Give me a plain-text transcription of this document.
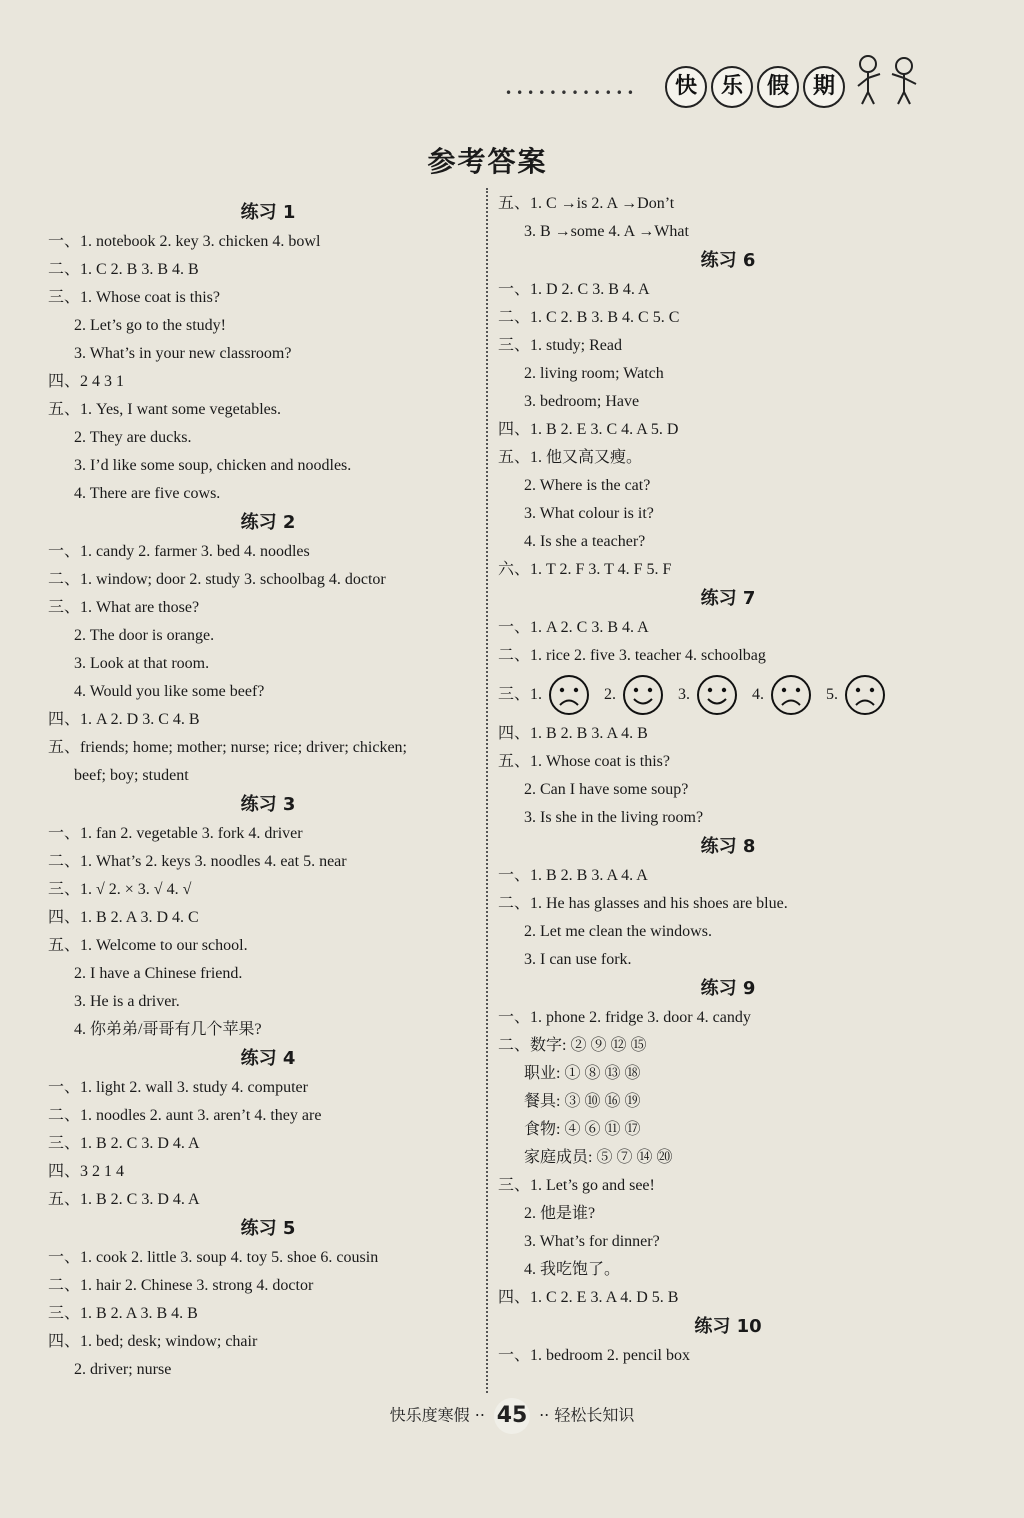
••••••••••••	快	乐	假	期
参考答案
练习 1
一、1. notebook 2. key 3. chicken 4. bowl
二、1. C 2. B 3. B 4. B
三、1. Whose coat is this?
2. Let’s go to the study!
3. What’s in your new classroom?
四、2 4 3 1
五、1. Yes, I want some vegetables.
2. They are ducks.
3. I’d like some soup, chicken and noodles.
4. There are five cows.
练习 2
一、1. candy 2. farmer 3. bed 4. noodles
二、1. window; door 2. study 3. schoolbag 4. doctor
三、1. What are those?
2. The door is orange.
3. Look at that room.
4. Would you like some beef?
四、1. A 2. D 3. C 4. B
五、friends; home; mother; nurse; rice; driver; chicken;
beef; boy; student
练习 3
一、1. fan 2. vegetable 3. fork 4. driver
二、1. What’s 2. keys 3. noodles 4. eat 5. near
三、1. √ 2. × 3. √ 4. √
四、1. B 2. A 3. D 4. C
五、1. Welcome to our school.
2. I have a Chinese friend.
3. He is a driver.
4. 你弟弟/哥哥有几个苹果?
练习 4
一、1. light 2. wall 3. study 4. computer
二、1. noodles 2. aunt 3. aren’t 4. they are
三、1. B 2. C 3. D 4. A
四、3 2 1 4
五、1. B 2. C 3. D 4. A
练习 5
一、1. cook 2. little 3. soup 4. toy 5. shoe 6. cousin
二、1. hair 2. Chinese 3. strong 4. doctor
三、1. B 2. A 3. B 4. B
四、1. bed; desk; window; chair
2. driver; nurse
五、1. C →is 2. A →Don’t
3. B →some 4. A →What
练习 6
一、1. D 2. C 3. B 4. A
二、1. C 2. B 3. B 4. C 5. C
三、1. study; Read
2. living room; Watch
3. bedroom; Have
四、1. B 2. E 3. C 4. A 5. D
五、1. 他又高又瘦。
2. Where is the cat?
3. What colour is it?
4. Is she a teacher?
六、1. T 2. F 3. T 4. F 5. F
练习 7
一、1. A 2. C 3. B 4. A
二、1. rice 2. five 3. teacher 4. schoolbag
三、 1.	2.	3.	4.	5.
四、1. B 2. B 3. A 4. B
五、1. Whose coat is this?
2. Can I have some soup?
3. Is she in the living room?
练习 8
一、1. B 2. B 3. A 4. A
二、1. He has glasses and his shoes are blue.
2. Let me clean the windows.
3. I can use fork.
练习 9
一、1. phone 2. fridge 3. door 4. candy
二、数字: ② ⑨ ⑫ ⑮
职业: ① ⑧ ⑬ ⑱
餐具: ③ ⑩ ⑯ ⑲
食物: ④ ⑥ ⑪ ⑰
家庭成员: ⑤ ⑦ ⑭ ⑳
三、1. Let’s go and see!
2. 他是谁?
3. What’s for dinner?
4. 我吃饱了。
四、1. C 2. E 3. A 4. D 5. B
练习 10
一、1. bedroom 2. pencil box
快乐度寒假 ·· 45 ·· 轻松长知识
